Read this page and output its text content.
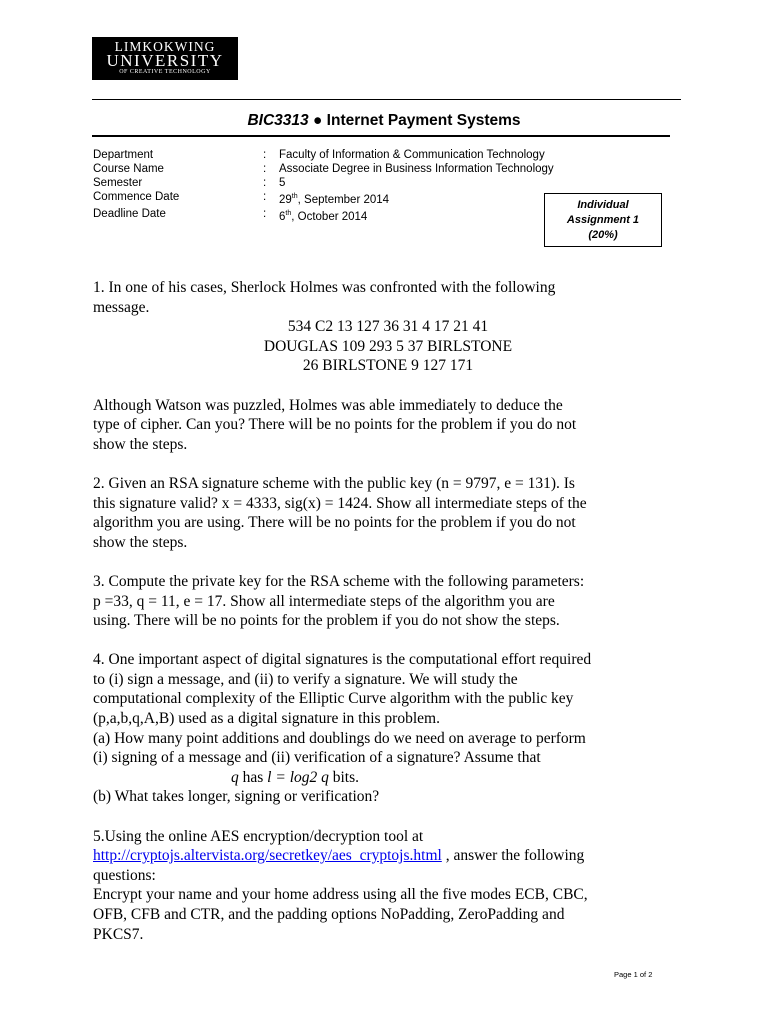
LIMKOKWING
UNIVERSITY
OF CREATIVE TECHNOLOGY
BIC3313 ● Internet Payment Systems
Department	:	Faculty of Information & Communication Technology
Course Name	:	Associate Degree in Business Information Technology
Semester	:	5
Commence Date	:	29th, September 2014
Deadline Date	:	6th, October 2014
Individual
Assignment 1
(20%)

1. In one of his cases, Sherlock Holmes was confronted with the following

message.

534 C2 13 127 36 31 4 17 21 41

DOUGLAS 109 293 5 37 BIRLSTONE

26 BIRLSTONE 9 127 171

Although Watson was puzzled, Holmes was able immediately to deduce the

type of cipher. Can you? There will be no points for the problem if you do not

show the steps.

2. Given an RSA signature scheme with the public key (n = 9797, e = 131). Is

this signature valid? x = 4333, sig(x) = 1424. Show all intermediate steps of the

algorithm you are using. There will be no points for the problem if you do not

show the steps.

3. Compute the private key for the RSA scheme with the following parameters:

p =33, q = 11, e = 17. Show all intermediate steps of the algorithm you are

using. There will be no points for the problem if you do not show the steps.

4. One important aspect of digital signatures is the computational effort required

to (i) sign a message, and (ii) to verify a signature. We will study the

computational complexity of the Elliptic Curve algorithm with the public key

(p,a,b,q,A,B) used as a digital signature in this problem.

(a) How many point additions and doublings do we need on average to perform

(i) signing of a message and (ii) verification of a signature? Assume that

q has l = log2 q bits.

(b) What takes longer, signing or verification?

5.Using the online AES encryption/decryption tool at

http://cryptojs.altervista.org/secretkey/aes_cryptojs.html , answer the following

questions:

Encrypt your name and your home address using all the five modes ECB, CBC,

OFB, CFB and CTR, and the padding options NoPadding, ZeroPadding and

PKCS7.

Page 1 of 2
